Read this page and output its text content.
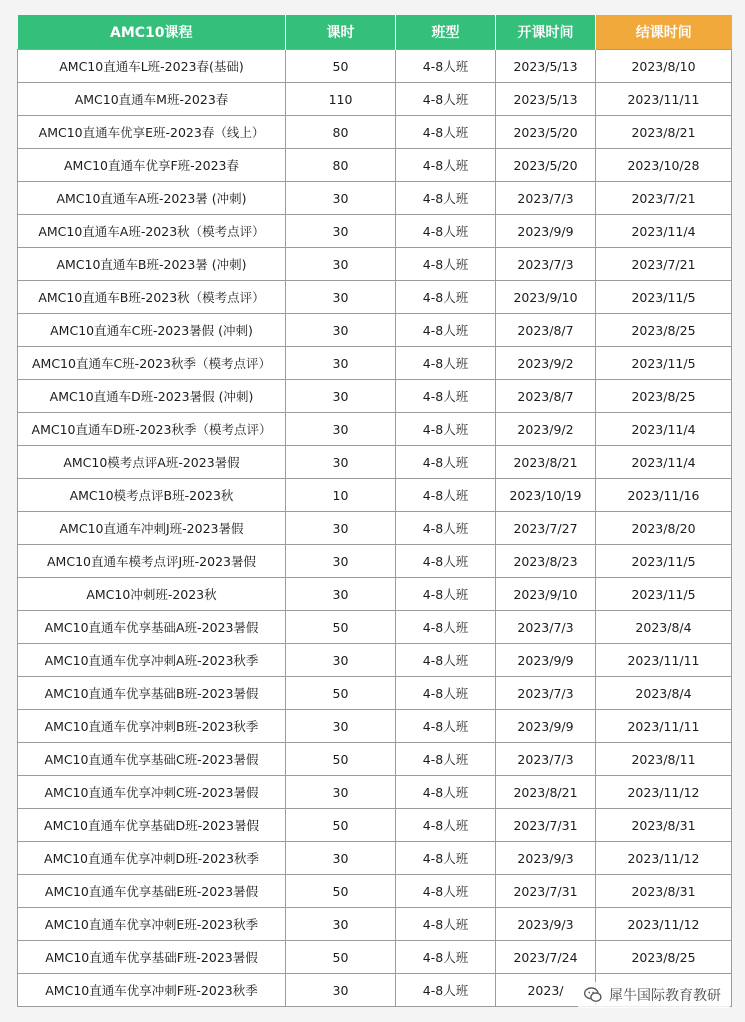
AMC10课程	课时	班型	开课时间	结课时间
AMC10直通车L班-2023春(基础)	50	4-8人班	2023/5/13	2023/8/10
AMC10直通车M班-2023春	110	4-8人班	2023/5/13	2023/11/11
AMC10直通车优享E班-2023春（线上）	80	4-8人班	2023/5/20	2023/8/21
AMC10直通车优享F班-2023春	80	4-8人班	2023/5/20	2023/10/28
AMC10直通车A班-2023暑 (冲刺)	30	4-8人班	2023/7/3	2023/7/21
AMC10直通车A班-2023秋（模考点评）	30	4-8人班	2023/9/9	2023/11/4
AMC10直通车B班-2023暑 (冲刺)	30	4-8人班	2023/7/3	2023/7/21
AMC10直通车B班-2023秋（模考点评）	30	4-8人班	2023/9/10	2023/11/5
AMC10直通车C班-2023暑假 (冲刺)	30	4-8人班	2023/8/7	2023/8/25
AMC10直通车C班-2023秋季（模考点评）	30	4-8人班	2023/9/2	2023/11/5
AMC10直通车D班-2023暑假 (冲刺)	30	4-8人班	2023/8/7	2023/8/25
AMC10直通车D班-2023秋季（模考点评）	30	4-8人班	2023/9/2	2023/11/4
AMC10模考点评A班-2023暑假	30	4-8人班	2023/8/21	2023/11/4
AMC10模考点评B班-2023秋	10	4-8人班	2023/10/19	2023/11/16
AMC10直通车冲刺J班-2023暑假	30	4-8人班	2023/7/27	2023/8/20
AMC10直通车模考点评J班-2023暑假	30	4-8人班	2023/8/23	2023/11/5
AMC10冲刺班-2023秋	30	4-8人班	2023/9/10	2023/11/5
AMC10直通车优享基础A班-2023暑假	50	4-8人班	2023/7/3	2023/8/4
AMC10直通车优享冲刺A班-2023秋季	30	4-8人班	2023/9/9	2023/11/11
AMC10直通车优享基础B班-2023暑假	50	4-8人班	2023/7/3	2023/8/4
AMC10直通车优享冲刺B班-2023秋季	30	4-8人班	2023/9/9	2023/11/11
AMC10直通车优享基础C班-2023暑假	50	4-8人班	2023/7/3	2023/8/11
AMC10直通车优享冲刺C班-2023暑假	30	4-8人班	2023/8/21	2023/11/12
AMC10直通车优享基础D班-2023暑假	50	4-8人班	2023/7/31	2023/8/31
AMC10直通车优享冲刺D班-2023秋季	30	4-8人班	2023/9/3	2023/11/12
AMC10直通车优享基础E班-2023暑假	50	4-8人班	2023/7/31	2023/8/31
AMC10直通车优享冲刺E班-2023秋季	30	4-8人班	2023/9/3	2023/11/12
AMC10直通车优享基础F班-2023暑假	50	4-8人班	2023/7/24	2023/8/25
AMC10直通车优享冲刺F班-2023秋季	30	4-8人班	2023/		犀牛国际教育教研
